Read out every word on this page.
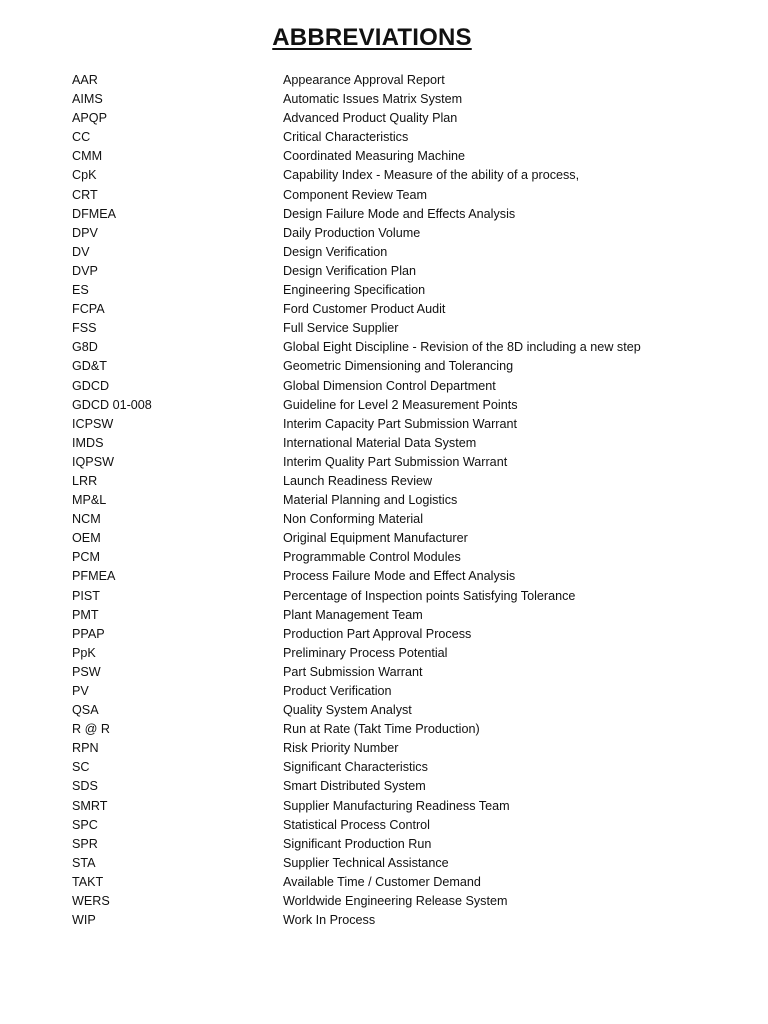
ABBREVIATIONS
AAR	Appearance Approval Report
AIMS	Automatic Issues Matrix System
APQP	Advanced Product Quality Plan
CC	Critical Characteristics
CMM	Coordinated Measuring Machine
CpK	Capability Index - Measure of the ability of a process,
CRT	Component Review Team
DFMEA	Design Failure Mode and Effects Analysis
DPV	Daily Production Volume
DV	Design Verification
DVP	Design Verification Plan
ES	Engineering Specification
FCPA	Ford Customer Product Audit
FSS	Full Service Supplier
G8D	Global Eight Discipline - Revision of the 8D including a new step
GD&T	Geometric Dimensioning and Tolerancing
GDCD	Global Dimension Control Department
GDCD 01-008	Guideline for Level 2 Measurement Points
ICPSW	Interim Capacity Part Submission Warrant
IMDS	International Material Data System
IQPSW	Interim Quality Part Submission Warrant
LRR	Launch Readiness Review
MP&L	Material Planning and Logistics
NCM	Non Conforming Material
OEM	Original Equipment Manufacturer
PCM	Programmable Control Modules
PFMEA	Process Failure Mode and Effect Analysis
PIST	Percentage of Inspection points Satisfying Tolerance
PMT	Plant Management Team
PPAP	Production Part Approval Process
PpK	Preliminary Process Potential
PSW	Part Submission Warrant
PV	Product Verification
QSA	Quality System Analyst
R @ R	Run at Rate (Takt Time Production)
RPN	Risk Priority Number
SC	Significant Characteristics
SDS	Smart Distributed System
SMRT	Supplier Manufacturing Readiness Team
SPC	Statistical Process Control
SPR	Significant Production Run
STA	Supplier Technical Assistance
TAKT	Available Time / Customer Demand
WERS	Worldwide Engineering Release System
WIP	Work In Process
